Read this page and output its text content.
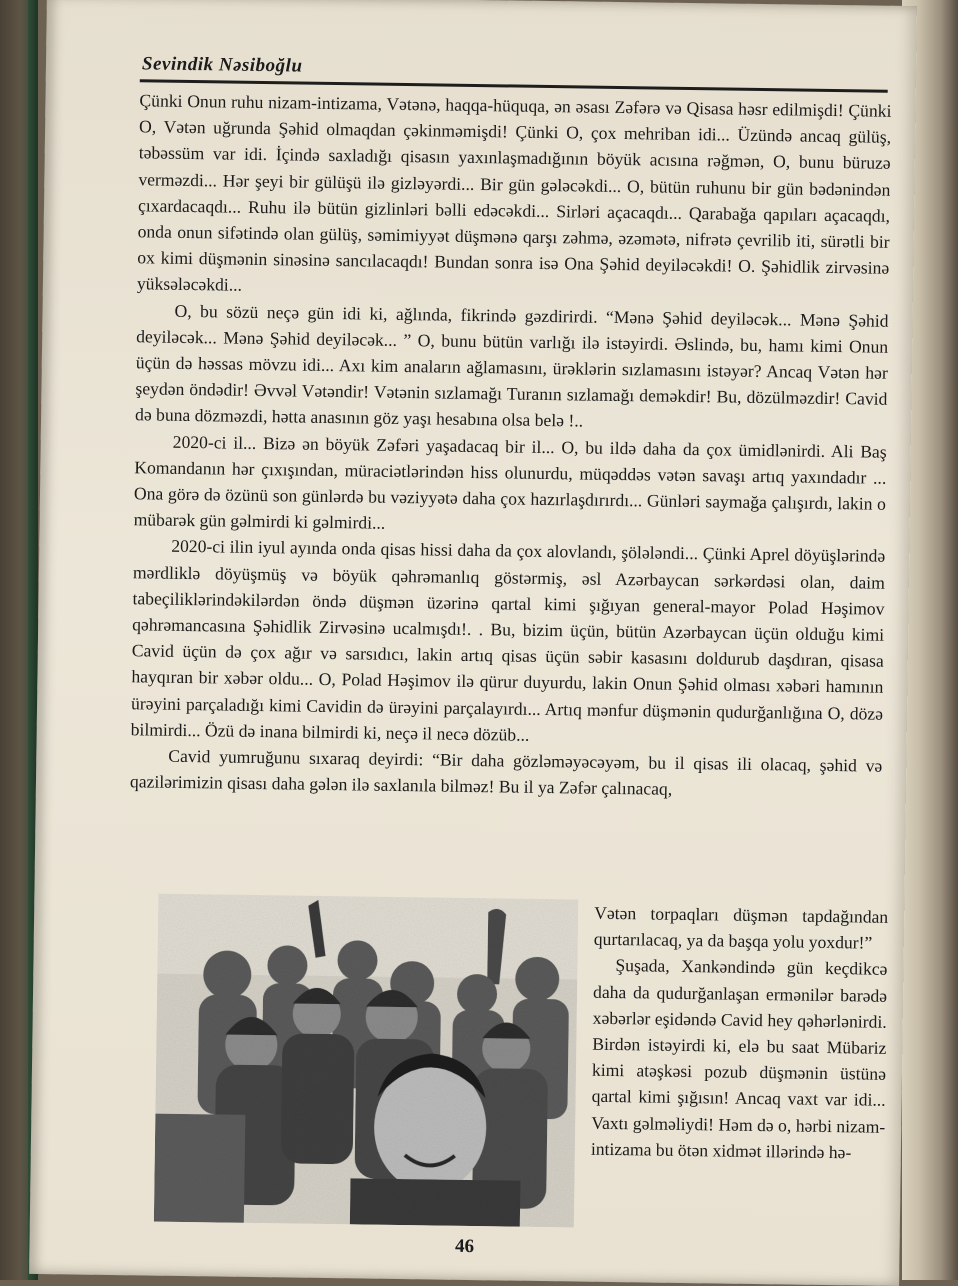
Sevindik Nəsiboğlu

Çünki Onun ruhu nizam-intizama, Vətənə, haqqa-hüquqa, ən əsası Zəfərə və Qisasa həsr edilmişdi! Çünki O, Vətən uğrunda Şəhid olmaqdan çəkinməmişdi! Çünki O, çox mehriban idi... Üzündə ancaq gülüş, təbəssüm var idi. İçində saxladığı qisasın yaxınlaşmadığının böyük acısına rəğmən, O, bunu büruzə verməzdi... Hər şeyi bir gülüşü ilə gizləyərdi... Bir gün gələcəkdi... O, bütün ruhunu bir gün bədənindən çıxardacaqdı... Ruhu ilə bütün gizlinləri bəlli edəcəkdi... Sirləri açacaqdı... Qarabağa qapıları açacaqdı, onda onun sifətində olan gülüş, səmimiyyət düşmənə qarşı zəhmə, əzəmətə, nifrətə çevrilib iti, sürətli bir ox kimi düşmənin sinəsinə sancılacaqdı! Bundan sonra isə Ona Şəhid deyiləcəkdi! O. Şəhidlik zirvəsinə yüksələcəkdi...

O, bu sözü neçə gün idi ki, ağlında, fikrində gəzdirirdi. “Mənə Şəhid deyiləcək... Mənə Şəhid deyiləcək... Mənə Şəhid deyiləcək... ” O, bunu bütün varlığı ilə istəyirdi. Əslində, bu, hamı kimi Onun üçün də həssas mövzu idi... Axı kim anaların ağlamasını, ürəklərin sızlamasını istəyər? Ancaq Vətən hər şeydən öndədir! Əvvəl Vətəndir! Vətənin sızlamağı Turanın sızlamağı deməkdir! Bu, dözülməzdir! Cavid də buna dözməzdi, hətta anasının göz yaşı hesabına olsa belə !..

2020-ci il... Bizə ən böyük Zəfəri yaşadacaq bir il... O, bu ildə daha da çox ümidlənirdi. Ali Baş Komandanın hər çıxışından, müraciətlərindən hiss olunurdu, müqəddəs vətən savaşı artıq yaxındadır ... Ona görə də özünü son günlərdə bu vəziyyətə daha çox hazırlaşdırırdı... Günləri saymağa çalışırdı, lakin o mübarək gün gəlmirdi ki gəlmirdi...

2020-ci ilin iyul ayında onda qisas hissi daha da çox alovlandı, şölələndi... Çünki Aprel döyüşlərində mərdliklə döyüşmüş və böyük qəhrəmanlıq göstərmiş, əsl Azərbaycan sərkərdəsi olan, daim tabeçiliklərindəkilərdən öndə düşmən üzərinə qartal kimi şığıyan general-mayor Polad Həşimov qəhrəmancasına Şəhidlik Zirvəsinə ucalmışdı!. . Bu, bizim üçün, bütün Azərbaycan üçün olduğu kimi Cavid üçün də çox ağır və sarsıdıcı, lakin artıq qisas üçün səbir kasasını doldurub daşdıran, qisasa hayqıran bir xəbər oldu... O, Polad Həşimov ilə qürur duyurdu, lakin Onun Şəhid olması xəbəri hamının ürəyini parçaladığı kimi Cavidin də ürəyini parçalayırdı... Artıq mənfur düşmənin qudurğanlığına O, dözə bilmirdi... Özü də inana bilmirdi ki, neçə il necə dözüb...

Cavid yumruğunu sıxaraq deyirdi: “Bir daha gözləməyəcəyəm, bu il qisas ili olacaq, şəhid və qazilərimizin qisası daha gələn ilə saxlanıla bilməz! Bu il ya Zəfər çalınacaq,

Vətən torpaqları düşmən tapdağından qurtarılacaq, ya da başqa yolu yoxdur!”

Şuşada, Xankəndində gün keçdikcə daha da qudurğanlaşan ermənilər barədə xəbərlər eşidəndə Cavid hey qəhərlənirdi. Birdən istəyirdi ki, elə bu saat Mübariz kimi atəşkəsi pozub düşmənin üstünə qartal kimi şığısın! Ancaq vaxt var idi... Vaxtı gəlməliydi! Həm də o, hərbi nizam-intizama bu ötən xidmət illərində hə-

46
